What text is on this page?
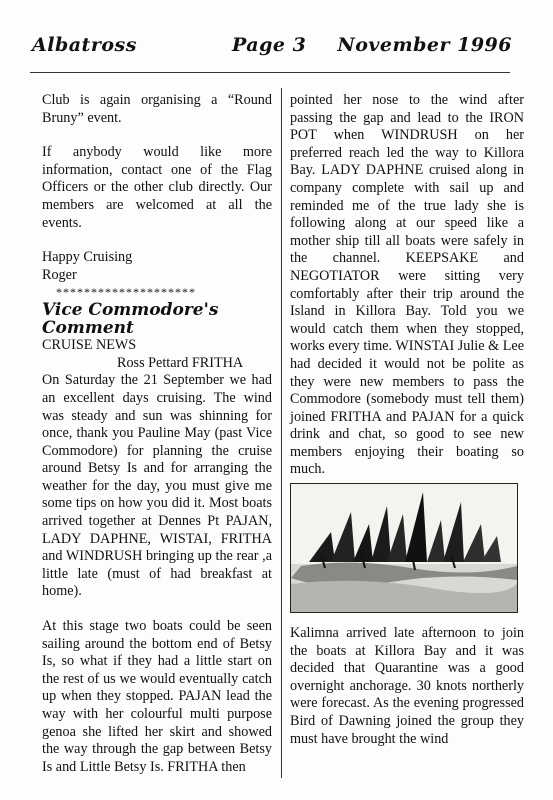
Albatross	Page 3 November 1996

Club is again organising a “Round Bruny” event.

If anybody would like more information, contact one of the Flag Officers or the other club directly. Our members are welcomed at all the events.

Happy Cruising

Roger

********************

Vice Commodore's Comment

CRUISE NEWS

Ross Pettard FRITHA

On Saturday the 21 September we had an excellent days cruising. The wind was steady and sun was shinning for once, thank you Pauline May (past Vice Commodore) for planning the cruise around Betsy Is and for arranging the weather for the day, you must give me some tips on how you did it. Most boats arrived together at Dennes Pt PAJAN, LADY DAPHNE, WISTAI, FRITHA and WINDRUSH bringing up the rear ,a little late (must of had breakfast at home).

At this stage two boats could be seen sailing around the bottom end of Betsy Is, so what if they had a little start on the rest of us we would eventually catch up when they stopped. PAJAN lead the way with her colourful multi purpose genoa she lifted her skirt and showed the way through the gap between Betsy Is and Little Betsy Is. FRITHA then

pointed her nose to the wind after passing the gap and lead to the IRON POT when WINDRUSH on her preferred reach led the way to Killora Bay. LADY DAPHNE cruised along in company complete with sail up and reminded me of the true lady she is following along at our speed like a mother ship till all boats were safely in the channel. KEEPSAKE and NEGOTIATOR were sitting very comfortably after their trip around the Island in Killora Bay. Told you we would catch them when they stopped, works every time. WINSTAI Julie & Lee had decided it would not be polite as they were new members to pass the Commodore (somebody must tell them) joined FRITHA and PAJAN for a quick drink and chat, so good to see new members enjoying their boating so much.

Kalimna arrived late afternoon to join the boats at Killora Bay and it was decided that Quarantine was a good overnight anchorage. 30 knots northerly were forecast. As the evening progressed Bird of Dawning joined the group they must have brought the wind
